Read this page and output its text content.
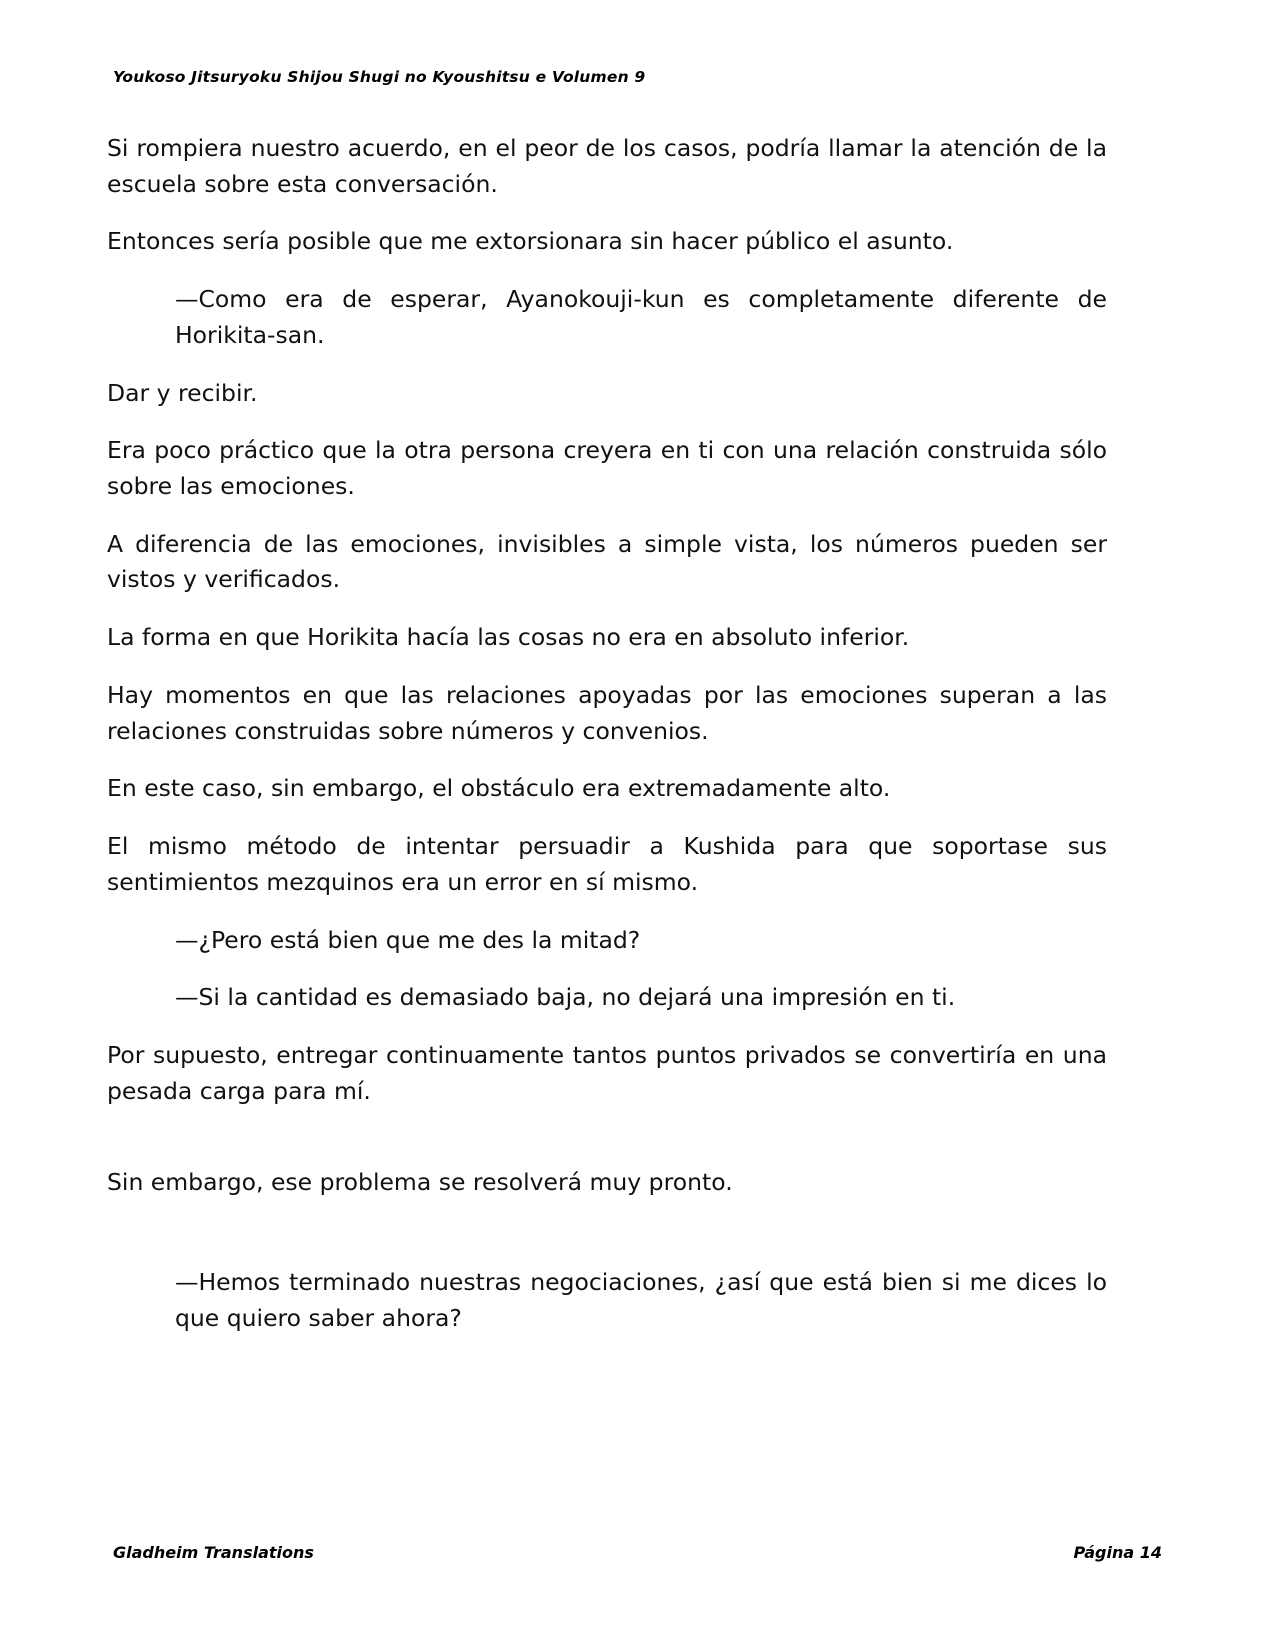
Youkoso Jitsuryoku Shijou Shugi no Kyoushitsu e Volumen 9

Si rompiera nuestro acuerdo, en el peor de los casos, podría llamar la atención de la escuela sobre esta conversación.

Entonces sería posible que me extorsionara sin hacer público el asunto.

—Como era de esperar, Ayanokouji-kun es completamente diferente de Horikita-san.

Dar y recibir.

Era poco práctico que la otra persona creyera en ti con una relación construida sólo sobre las emociones.

A diferencia de las emociones, invisibles a simple vista, los números pueden ser vistos y verificados.

La forma en que Horikita hacía las cosas no era en absoluto inferior.

Hay momentos en que las relaciones apoyadas por las emociones superan a las relaciones construidas sobre números y convenios.

En este caso, sin embargo, el obstáculo era extremadamente alto.

El mismo método de intentar persuadir a Kushida para que soportase sus sentimientos mezquinos era un error en sí mismo.

—¿Pero está bien que me des la mitad?

—Si la cantidad es demasiado baja, no dejará una impresión en ti.

Por supuesto, entregar continuamente tantos puntos privados se convertiría en una pesada carga para mí.

Sin embargo, ese problema se resolverá muy pronto.

—Hemos terminado nuestras negociaciones, ¿así que está bien si me dices lo que quiero saber ahora?

Gladheim Translations	Página 14
